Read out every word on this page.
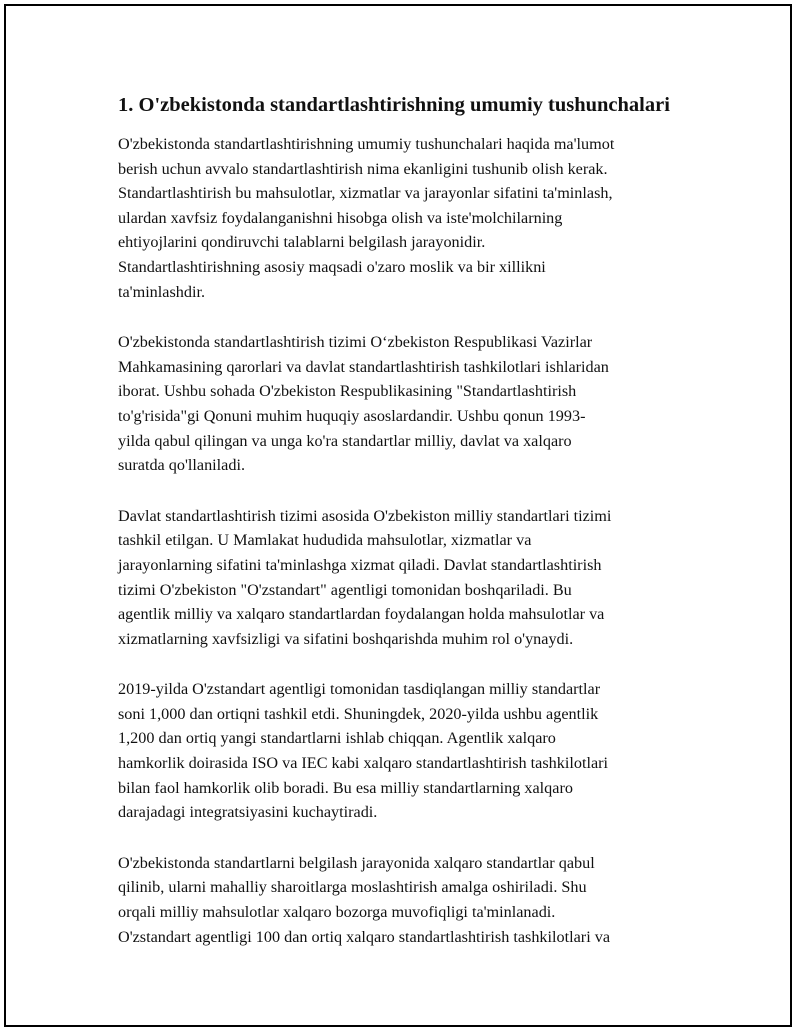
1. O'zbekistonda standartlashtirishning umumiy tushunchalari

O'zbekistonda standartlashtirishning umumiy tushunchalari haqida ma'lumot
berish uchun avvalo standartlashtirish nima ekanligini tushunib olish kerak.
Standartlashtirish bu mahsulotlar, xizmatlar va jarayonlar sifatini ta'minlash,
ulardan xavfsiz foydalanganishni hisobga olish va iste'molchilarning
ehtiyojlarini qondiruvchi talablarni belgilash jarayonidir.
Standartlashtirishning asosiy maqsadi o'zaro moslik va bir xillikni
ta'minlashdir.

O'zbekistonda standartlashtirish tizimi O‘zbekiston Respublikasi Vazirlar
Mahkamasining qarorlari va davlat standartlashtirish tashkilotlari ishlaridan
iborat. Ushbu sohada O'zbekiston Respublikasining "Standartlashtirish
to'g'risida"gi Qonuni muhim huquqiy asoslardandir. Ushbu qonun 1993-
yilda qabul qilingan va unga ko'ra standartlar milliy, davlat va xalqaro
suratda qo'llaniladi.

Davlat standartlashtirish tizimi asosida O'zbekiston milliy standartlari tizimi
tashkil etilgan. U Mamlakat hududida mahsulotlar, xizmatlar va
jarayonlarning sifatini ta'minlashga xizmat qiladi. Davlat standartlashtirish
tizimi O'zbekiston "O'zstandart" agentligi tomonidan boshqariladi. Bu
agentlik milliy va xalqaro standartlardan foydalangan holda mahsulotlar va
xizmatlarning xavfsizligi va sifatini boshqarishda muhim rol o'ynaydi.

2019-yilda O'zstandart agentligi tomonidan tasdiqlangan milliy standartlar
soni 1,000 dan ortiqni tashkil etdi. Shuningdek, 2020-yilda ushbu agentlik
1,200 dan ortiq yangi standartlarni ishlab chiqqan. Agentlik xalqaro
hamkorlik doirasida ISO va IEC kabi xalqaro standartlashtirish tashkilotlari
bilan faol hamkorlik olib boradi. Bu esa milliy standartlarning xalqaro
darajadagi integratsiyasini kuchaytiradi.

O'zbekistonda standartlarni belgilash jarayonida xalqaro standartlar qabul
qilinib, ularni mahalliy sharoitlarga moslashtirish amalga oshiriladi. Shu
orqali milliy mahsulotlar xalqaro bozorga muvofiqligi ta'minlanadi.
O'zstandart agentligi 100 dan ortiq xalqaro standartlashtirish tashkilotlari va
